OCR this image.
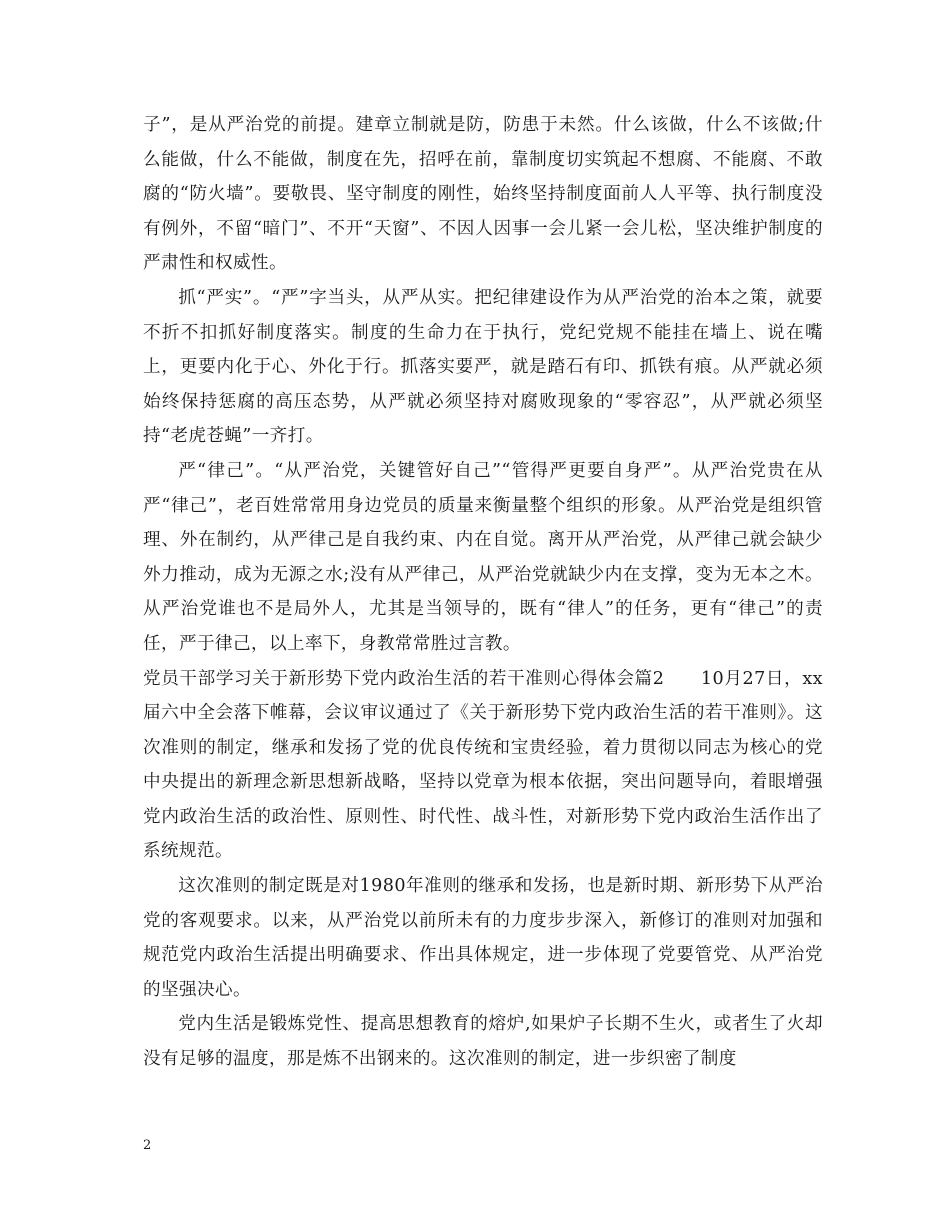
子”，是从严治党的前提。建章立制就是防，防患于未然。什么该做，什么不该做;什么能做，什么不能做，制度在先，招呼在前，靠制度切实筑起不想腐、不能腐、不敢腐的“防火墙”。要敬畏、坚守制度的刚性，始终坚持制度面前人人平等、执行制度没有例外，不留“暗门”、不开“天窗”、不因人因事一会儿紧一会儿松，坚决维护制度的严肃性和权威性。

抓“严实”。“严”字当头，从严从实。把纪律建设作为从严治党的治本之策，就要不折不扣抓好制度落实。制度的生命力在于执行，党纪党规不能挂在墙上、说在嘴上，更要内化于心、外化于行。抓落实要严，就是踏石有印、抓铁有痕。从严就必须始终保持惩腐的高压态势，从严就必须坚持对腐败现象的“零容忍”，从严就必须坚持“老虎苍蝇”一齐打。

严“律己”。“从严治党，关键管好自己”“管得严更要自身严”。从严治党贵在从严“律己”，老百姓常常用身边党员的质量来衡量整个组织的形象。从严治党是组织管理、外在制约，从严律己是自我约束、内在自觉。离开从严治党，从严律己就会缺少外力推动，成为无源之水;没有从严律己，从严治党就缺少内在支撑，变为无本之木。从严治党谁也不是局外人，尤其是当领导的，既有“律人”的任务，更有“律己”的责任，严于律己，以上率下，身教常常胜过言教。

党员干部学习关于新形势下党内政治生活的若干准则心得体会篇2　　10月27日，xx届六中全会落下帷幕，会议审议通过了《关于新形势下党内政治生活的若干准则》。这次准则的制定，继承和发扬了党的优良传统和宝贵经验，着力贯彻以同志为核心的党中央提出的新理念新思想新战略，坚持以党章为根本依据，突出问题导向，着眼增强党内政治生活的政治性、原则性、时代性、战斗性，对新形势下党内政治生活作出了系统规范。

这次准则的制定既是对1980年准则的继承和发扬，也是新时期、新形势下从严治党的客观要求。以来，从严治党以前所未有的力度步步深入，新修订的准则对加强和规范党内政治生活提出明确要求、作出具体规定，进一步体现了党要管党、从严治党的坚强决心。

党内生活是锻炼党性、提高思想教育的熔炉,如果炉子长期不生火，或者生了火却没有足够的温度，那是炼不出钢来的。这次准则的制定，进一步织密了制度

2
